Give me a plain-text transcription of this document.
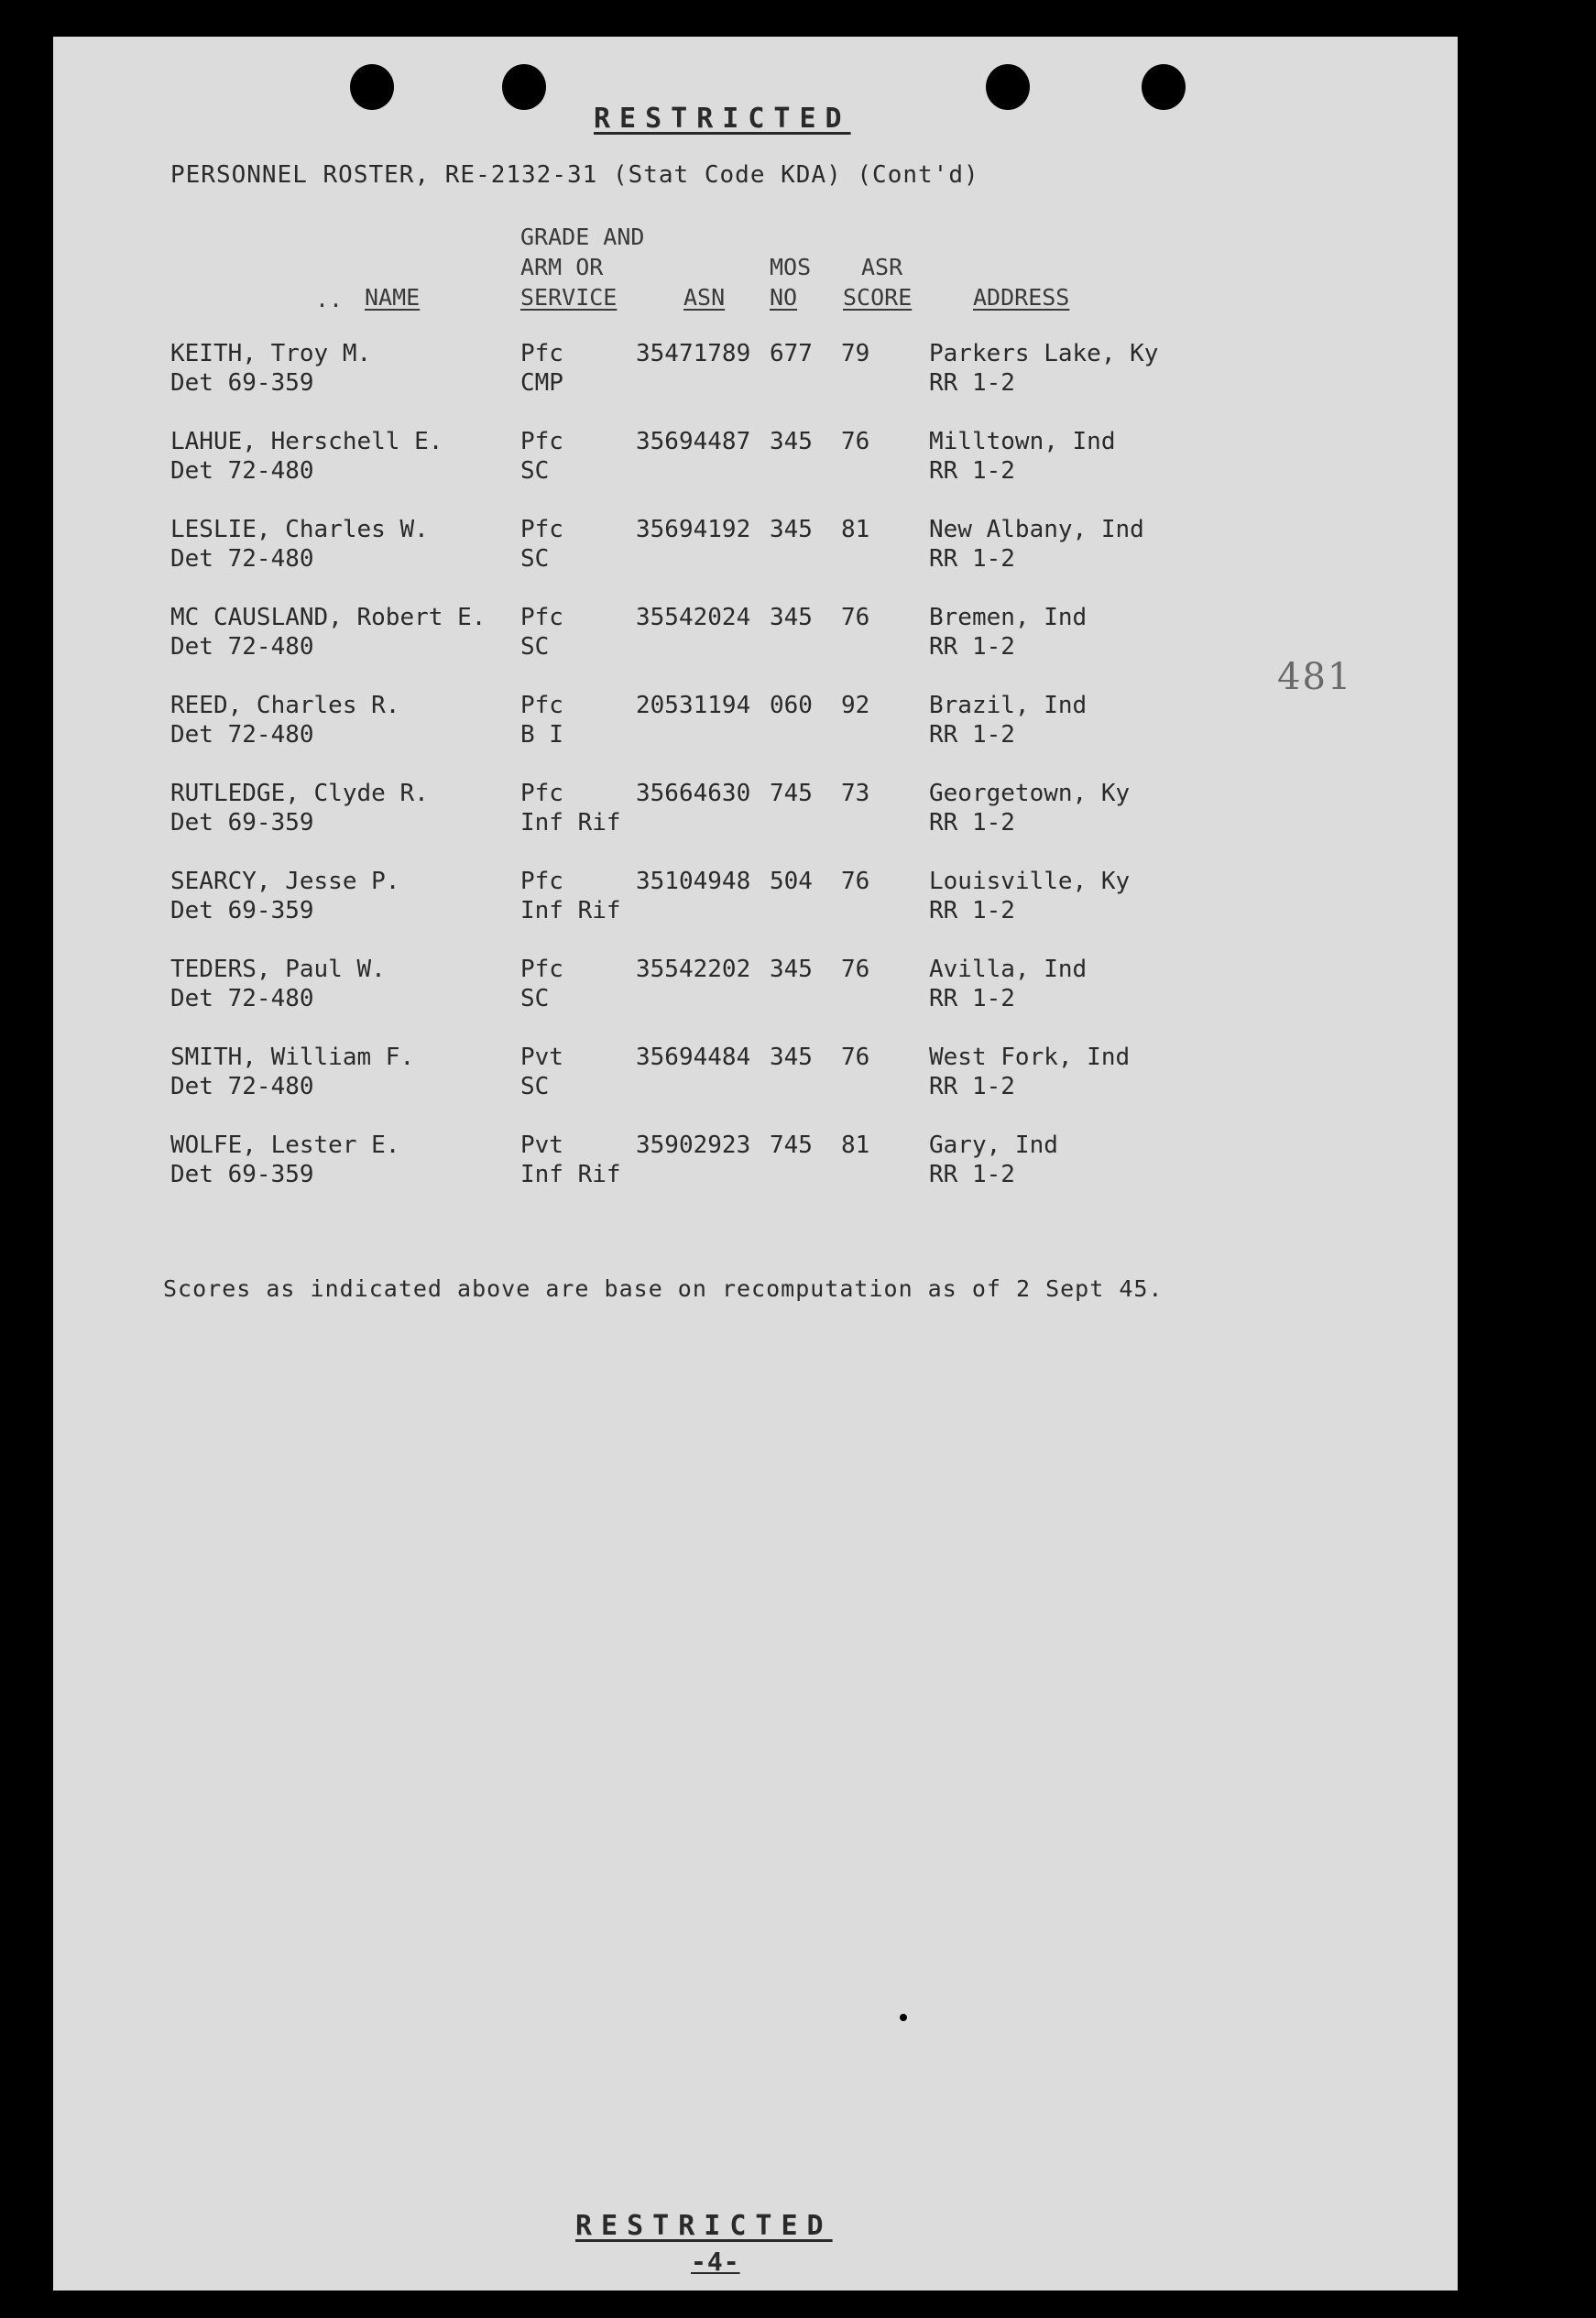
RESTRICTED
PERSONNEL ROSTER, RE-2132-31 (Stat Code KDA) (Cont'd)
.. NAME
GRADE AND
ARM OR
SERVICE	ASN
MOS
NO
ASR
SCORE	ADDRESS
KEITH, Troy M.
Det 69-359
Pfc
CMP
35471789 677 79 Parkers Lake, Ky
RR 1-2
LAHUE, Herschell E.
Det 72-480
Pfc
SC
35694487 345 76 Milltown, Ind
RR 1-2
LESLIE, Charles W.
Det 72-480
Pfc
SC
35694192 345 81 New Albany, Ind
RR 1-2
MC CAUSLAND, Robert E.
Det 72-480
Pfc
SC
35542024 345 76 Bremen, Ind
RR 1-2
REED, Charles R.
Det 72-480
Pfc
B I
20531194 060 92 Brazil, Ind
RR 1-2
RUTLEDGE, Clyde R.
Det 69-359
Pfc
Inf Rif
35664630 745 73 Georgetown, Ky
RR 1-2
SEARCY, Jesse P.
Det 69-359
Pfc
Inf Rif
35104948 504 76 Louisville, Ky
RR 1-2
TEDERS, Paul W.
Det 72-480
Pfc
SC
35542202 345 76 Avilla, Ind
RR 1-2
SMITH, William F.
Det 72-480
Pvt
SC
35694484 345 76 West Fork, Ind
RR 1-2
WOLFE, Lester E.
Det 69-359
Pvt
Inf Rif
35902923 745 81 Gary, Ind
RR 1-2
481
Scores as indicated above are base on recomputation as of 2 Sept 45.
RESTRICTED
-4-
